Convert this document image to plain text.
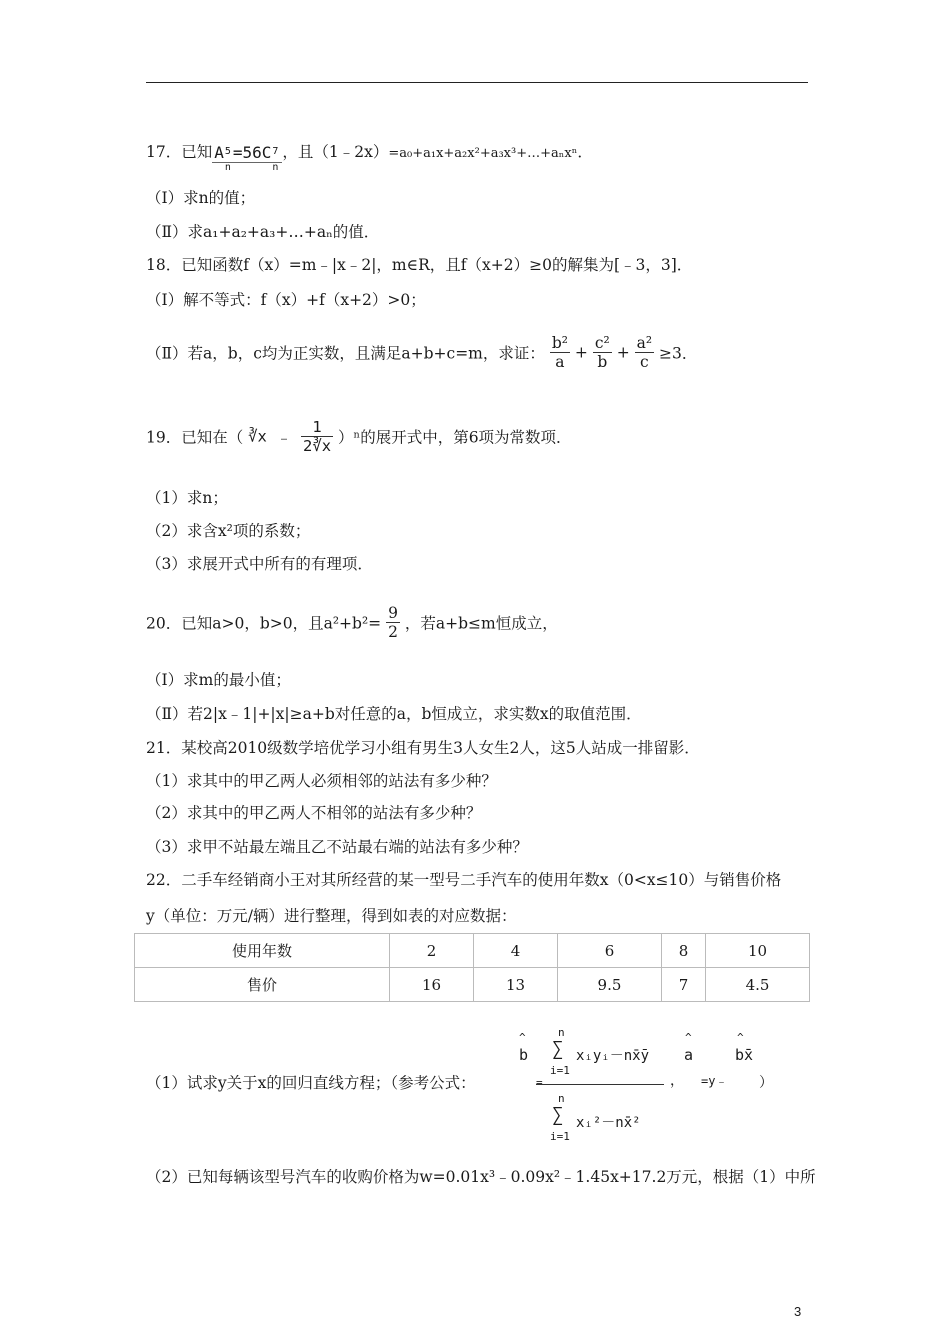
17．已知 A 5
n
=56C 7
n
，且（1﹣2x）=a₀+a₁x+a₂x²+a₃x³+…+aₙxⁿ．
（Ⅰ）求n的值；
（Ⅱ）求a₁+a₂+a₃+…+aₙ的值．
18．已知函数f（x）=m﹣|x﹣2|，m∈R，且f（x+2）≥0的解集为[﹣3，3]．
（Ⅰ）解不等式：f（x）+f（x+2）>0；
（Ⅱ）若a，b，c均为正实数，且满足a+b+c=m，求证： $\frac{\text{b²}}{a} + \frac{\text{c²}}{b} + \frac{\text{a²}}{c} \ge 3$．
19．已知在（ ∛x ﹣ $\frac{1}{2∛x} )^n$的展开式中，第6项为常数项．
（1）求n；
（2）求含x²项的系数；
（3）求展开式中所有的有理项．
20．已知a>0，b>0，且$a^2+b^2= \frac{9}{2}$ ，若a+b≤m恒成立，
（Ⅰ）求m的最小值；
（Ⅱ）若2|x﹣1|+|x|≥a+b对任意的a，b恒成立，求实数x的取值范围．
21．某校高2010级数学培优学习小组有男生3人女生2人，这5人站成一排留影．
（1）求其中的甲乙两人必须相邻的站法有多少种？
（2）求其中的甲乙两人不相邻的站法有多少种？
（3）求甲不站最左端且乙不站最右端的站法有多少种？
22．二手车经销商小王对其所经营的某一型号二手汽车的使用年数x（0<x≤10）与销售价格
y（单位：万元/辆）进行整理，得到如表的对应数据：
使用年数	2	4	6	8	10
售价	16	13	9.5	7	4.5
（1）试求y关于x的回归直线方程；（参考公式：
^
b
=
n
∑
i=1
xᵢyᵢ－nx̄ȳ
n
∑
i=1
xᵢ²－nx̄²
，
^
a
=y﹣
^
bx̄
）
（2）已知每辆该型号汽车的收购价格为w=0.01x³﹣0.09x²﹣1.45x+17.2万元，根据（1）中所
3
